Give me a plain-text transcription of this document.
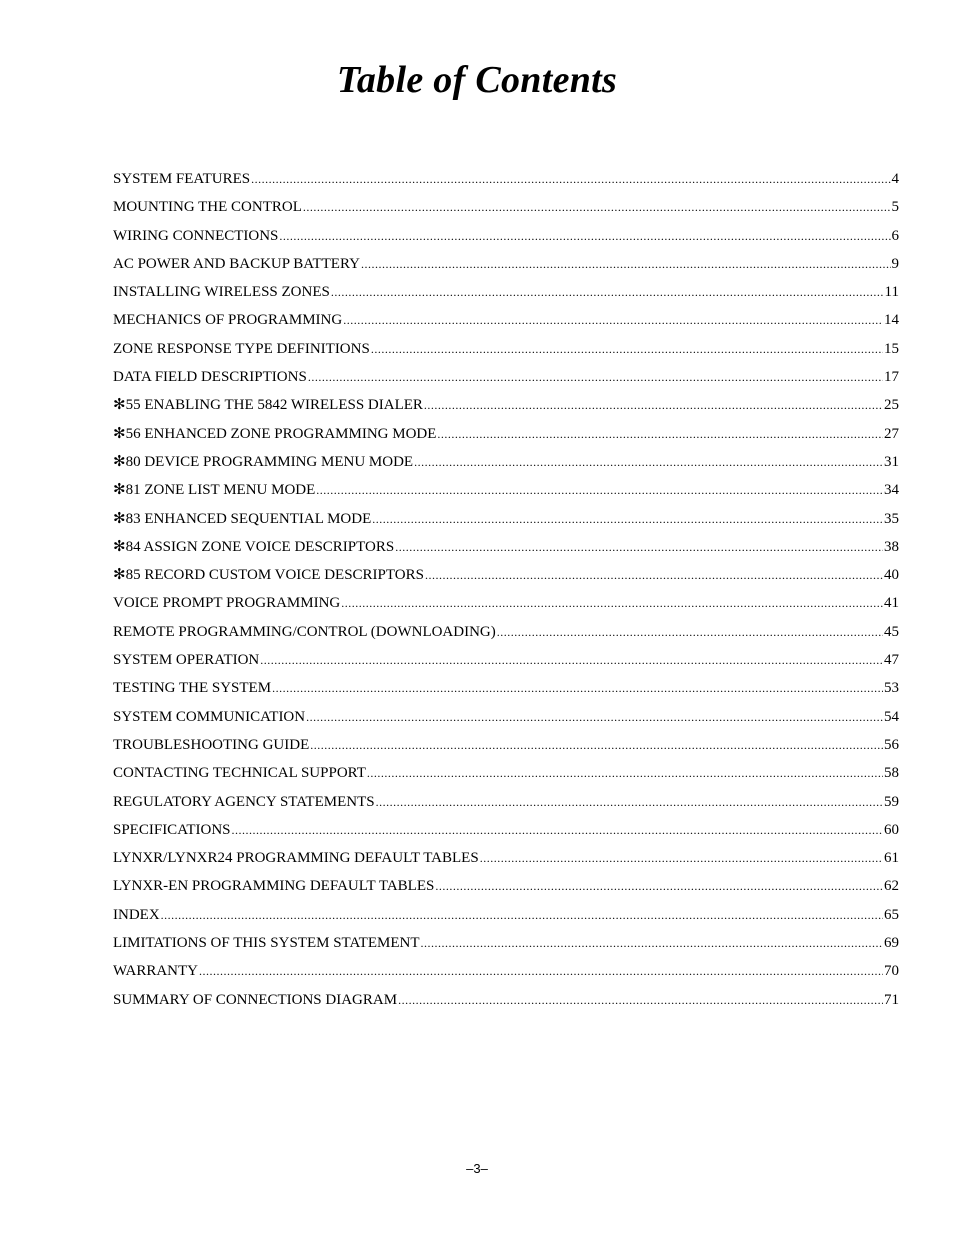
Table of Contents
SYSTEM FEATURES .....	4
MOUNTING THE CONTROL .....	5
WIRING CONNECTIONS .....	6
AC POWER AND BACKUP BATTERY .....	9
INSTALLING WIRELESS ZONES .....	11
MECHANICS OF PROGRAMMING .....	14
ZONE RESPONSE TYPE DEFINITIONS .....	15
DATA FIELD DESCRIPTIONS .....	17
✻55 ENABLING THE 5842 WIRELESS DIALER .....	25
✻56 ENHANCED ZONE PROGRAMMING MODE .....	27
✻80 DEVICE PROGRAMMING MENU MODE .....	31
✻81 ZONE LIST MENU MODE .....	34
✻83 ENHANCED SEQUENTIAL MODE .....	35
✻84 ASSIGN ZONE VOICE DESCRIPTORS .....	38
✻85 RECORD CUSTOM VOICE DESCRIPTORS .....	40
VOICE PROMPT PROGRAMMING .....	41
REMOTE PROGRAMMING/CONTROL (DOWNLOADING) .....	45
SYSTEM OPERATION .....	47
TESTING THE SYSTEM .....	53
SYSTEM COMMUNICATION .....	54
TROUBLESHOOTING GUIDE .....	56
CONTACTING TECHNICAL SUPPORT .....	58
REGULATORY AGENCY STATEMENTS .....	59
SPECIFICATIONS .....	60
LYNXR/LYNXR24 PROGRAMMING DEFAULT TABLES .....	61
LYNXR-EN PROGRAMMING DEFAULT TABLES .....	62
INDEX .....	65
LIMITATIONS OF THIS SYSTEM STATEMENT .....	69
WARRANTY .....	70
SUMMARY OF CONNECTIONS DIAGRAM .....	71
–3–
